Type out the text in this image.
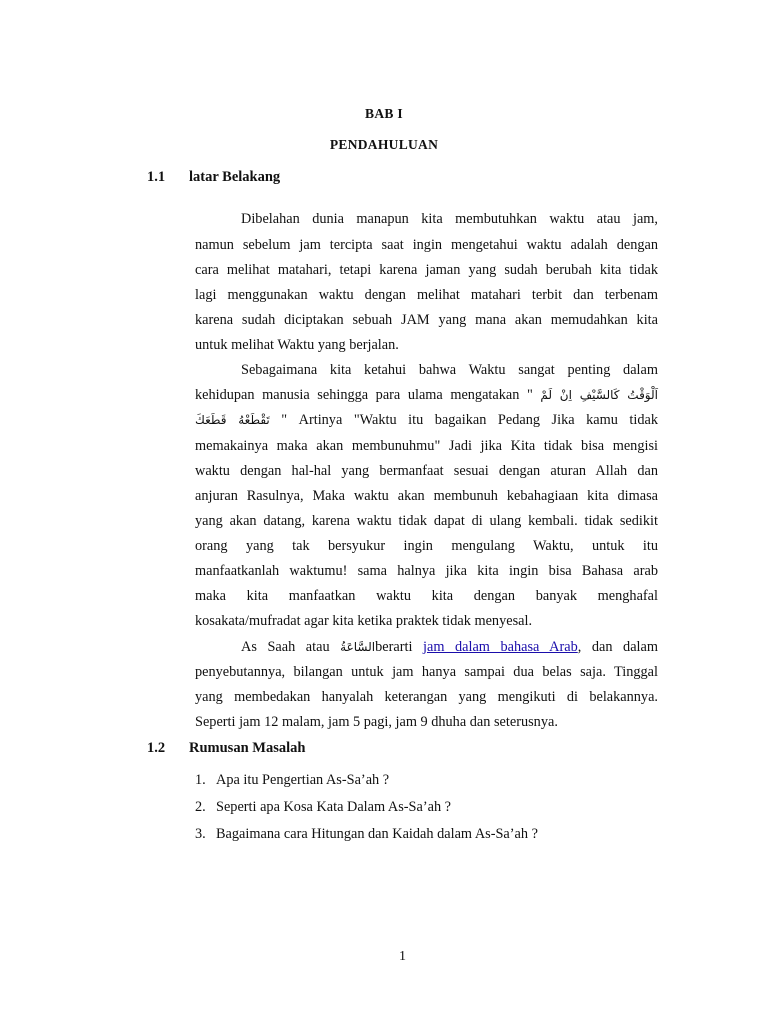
BAB I
PENDAHULUAN
1.1 latar Belakang
Dibelahan dunia manapun kita membutuhkan waktu atau jam,
namun sebelum jam tercipta saat ingin mengetahui waktu adalah dengan
cara melihat matahari, tetapi karena jaman yang sudah berubah kita tidak
lagi menggunakan waktu dengan melihat matahari terbit dan terbenam
karena sudah diciptakan sebuah JAM yang mana akan memudahkan kita
untuk melihat Waktu yang berjalan.
Sebagaimana kita ketahui bahwa Waktu sangat penting dalam
kehidupan manusia sehingga para ulama mengatakan " اَلْوَقْتُ كَالسَّيْفِ اِنْ لَمْ
تَقْطَعْهُ قَطَعَكَ " Artinya "Waktu itu bagaikan Pedang Jika kamu tidak
memakainya maka akan membunuhmu" Jadi jika Kita tidak bisa mengisi
waktu dengan hal-hal yang bermanfaat sesuai dengan aturan Allah dan
anjuran Rasulnya, Maka waktu akan membunuh kebahagiaan kita dimasa
yang akan datang, karena waktu tidak dapat di ulang kembali. tidak sedikit
orang yang tak bersyukur ingin mengulang Waktu, untuk itu
manfaatkanlah waktumu! sama halnya jika kita ingin bisa Bahasa arab
maka kita manfaatkan waktu kita dengan banyak menghafal
kosakata/mufradat agar kita ketika praktek tidak menyesal.
As Saah atau السَّاعَةُberarti jam dalam bahasa Arab, dan dalam
penyebutannya, bilangan untuk jam hanya sampai dua belas saja. Tinggal
yang membedakan hanyalah keterangan yang mengikuti di belakannya.
Seperti jam 12 malam, jam 5 pagi, jam 9 dhuha dan seterusnya.
1.2 Rumusan Masalah
1. Apa itu Pengertian As-Sa’ah ?
2. Seperti apa Kosa Kata Dalam As-Sa’ah ?
3. Bagaimana cara Hitungan dan Kaidah dalam As-Sa’ah ?
1
